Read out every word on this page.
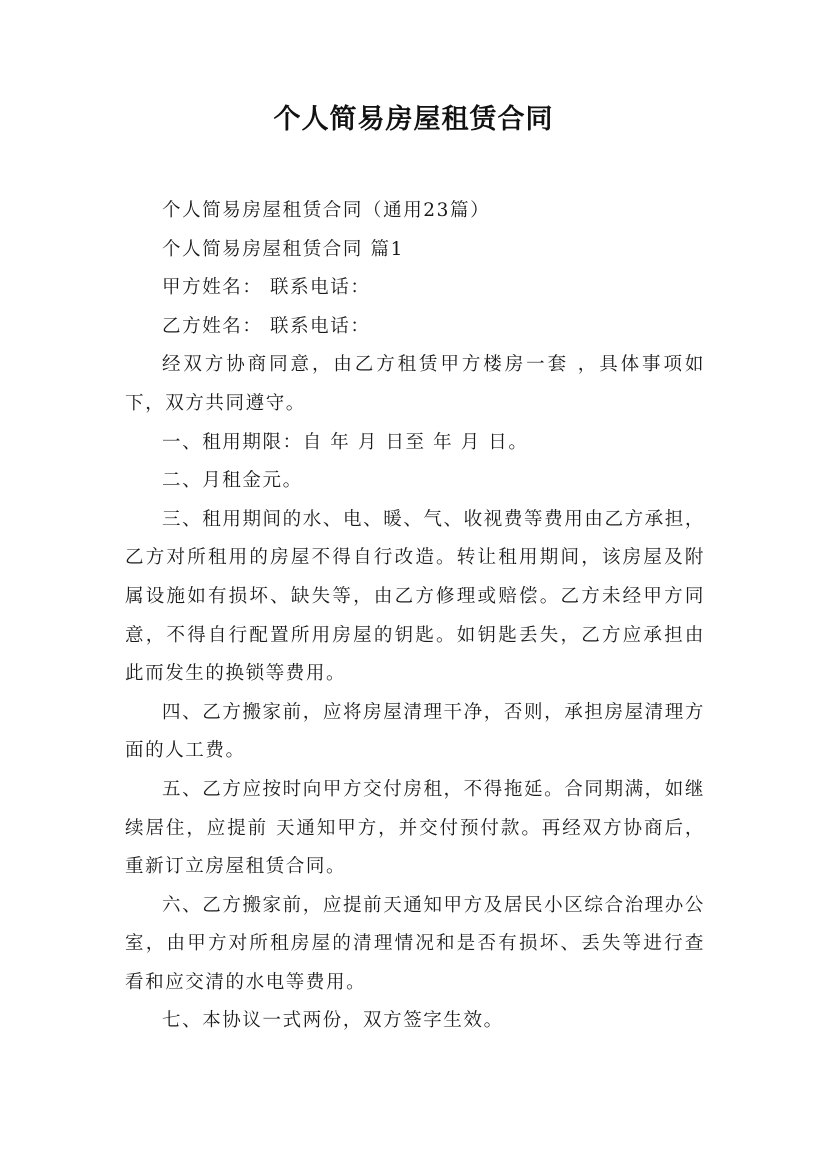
个人简易房屋租赁合同

个人简易房屋租赁合同（通用23篇）

个人简易房屋租赁合同 篇1

甲方姓名： 联系电话：

乙方姓名： 联系电话：

经双方协商同意，由乙方租赁甲方楼房一套 ，具体事项如下，双方共同遵守。

一、租用期限：自 年 月 日至 年 月 日。

二、月租金元。

三、租用期间的水、电、暖、气、收视费等费用由乙方承担，乙方对所租用的房屋不得自行改造。转让租用期间，该房屋及附属设施如有损坏、缺失等，由乙方修理或赔偿。乙方未经甲方同意，不得自行配置所用房屋的钥匙。如钥匙丢失，乙方应承担由此而发生的换锁等费用。

四、乙方搬家前，应将房屋清理干净，否则，承担房屋清理方面的人工费。

五、乙方应按时向甲方交付房租，不得拖延。合同期满，如继续居住，应提前 天通知甲方，并交付预付款。再经双方协商后，重新订立房屋租赁合同。

六、乙方搬家前，应提前天通知甲方及居民小区综合治理办公室，由甲方对所租房屋的清理情况和是否有损坏、丢失等进行查看和应交清的水电等费用。

七、本协议一式两份，双方签字生效。
